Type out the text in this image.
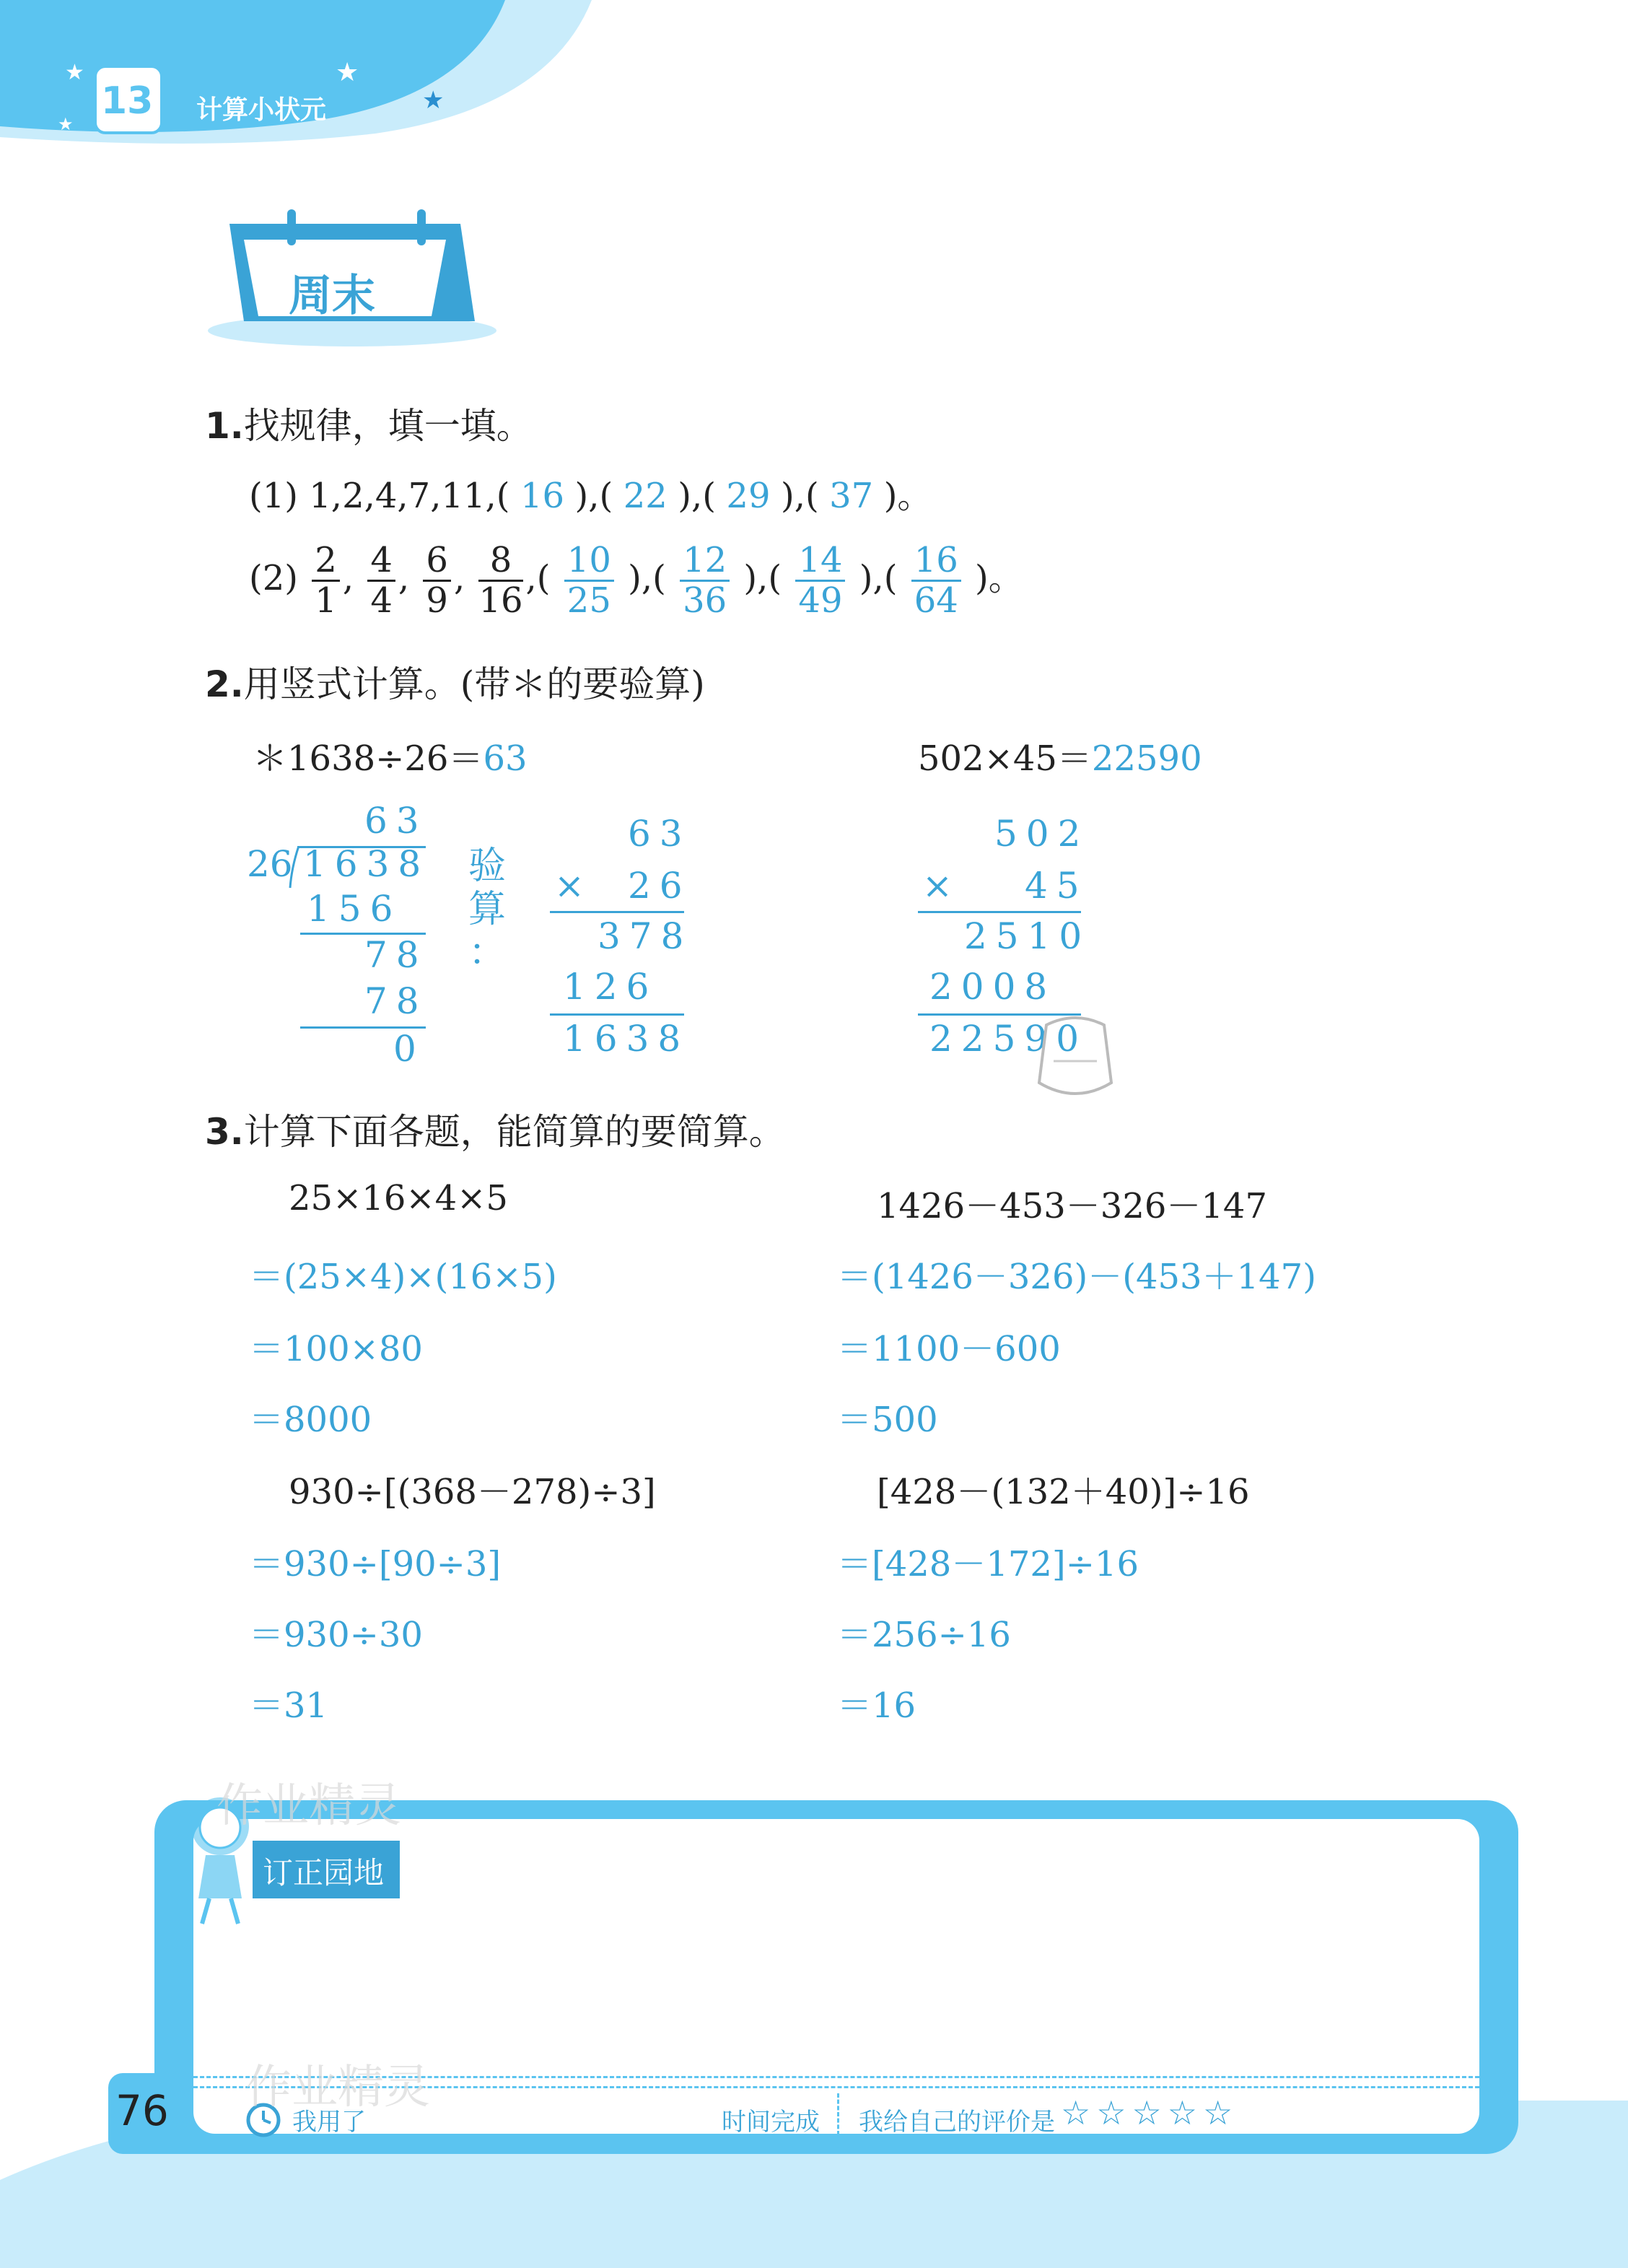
★	★
★
★
13 计算小状元
周末
1.找规律，填一填。
(1) 1,2,4,7,11,( 16 ),( 22 ),( 29 ),( 37 )。
$(2) \frac{2}{1}$ , $\frac{4}{4}$ , $\frac{6}{9}$ , $\frac{8}{16}$ ,( $\frac{10}{25}$ ),( $\frac{12}{36}$ ),( $\frac{14}{49}$ ),( $\frac{16}{64}$ )。
2.用竖式计算。(带＊的要验算)
＊1638÷26＝63	502×45＝22590
63
26 1638
156
78
78
0
验
算
：
63
× 26
378
126
1638
502
× 45
2510
2008
22590
3.计算下面各题，能简算的要简算。
25×16×4×5
＝(25×4)×(16×5)
＝100×80
＝8000
1426－453－326－147
＝(1426－326)－(453＋147)
＝1100－600
＝500
930÷[(368－278)÷3]
＝930÷[90÷3]
＝930÷30
＝31
[428－(132＋40)]÷16
＝[428－172]÷16
＝256÷16
＝16
订正园地
76	我用了	时间完成 我给自己的评价是 ☆ ☆ ☆ ☆ ☆
作业精灵
作业精灵
